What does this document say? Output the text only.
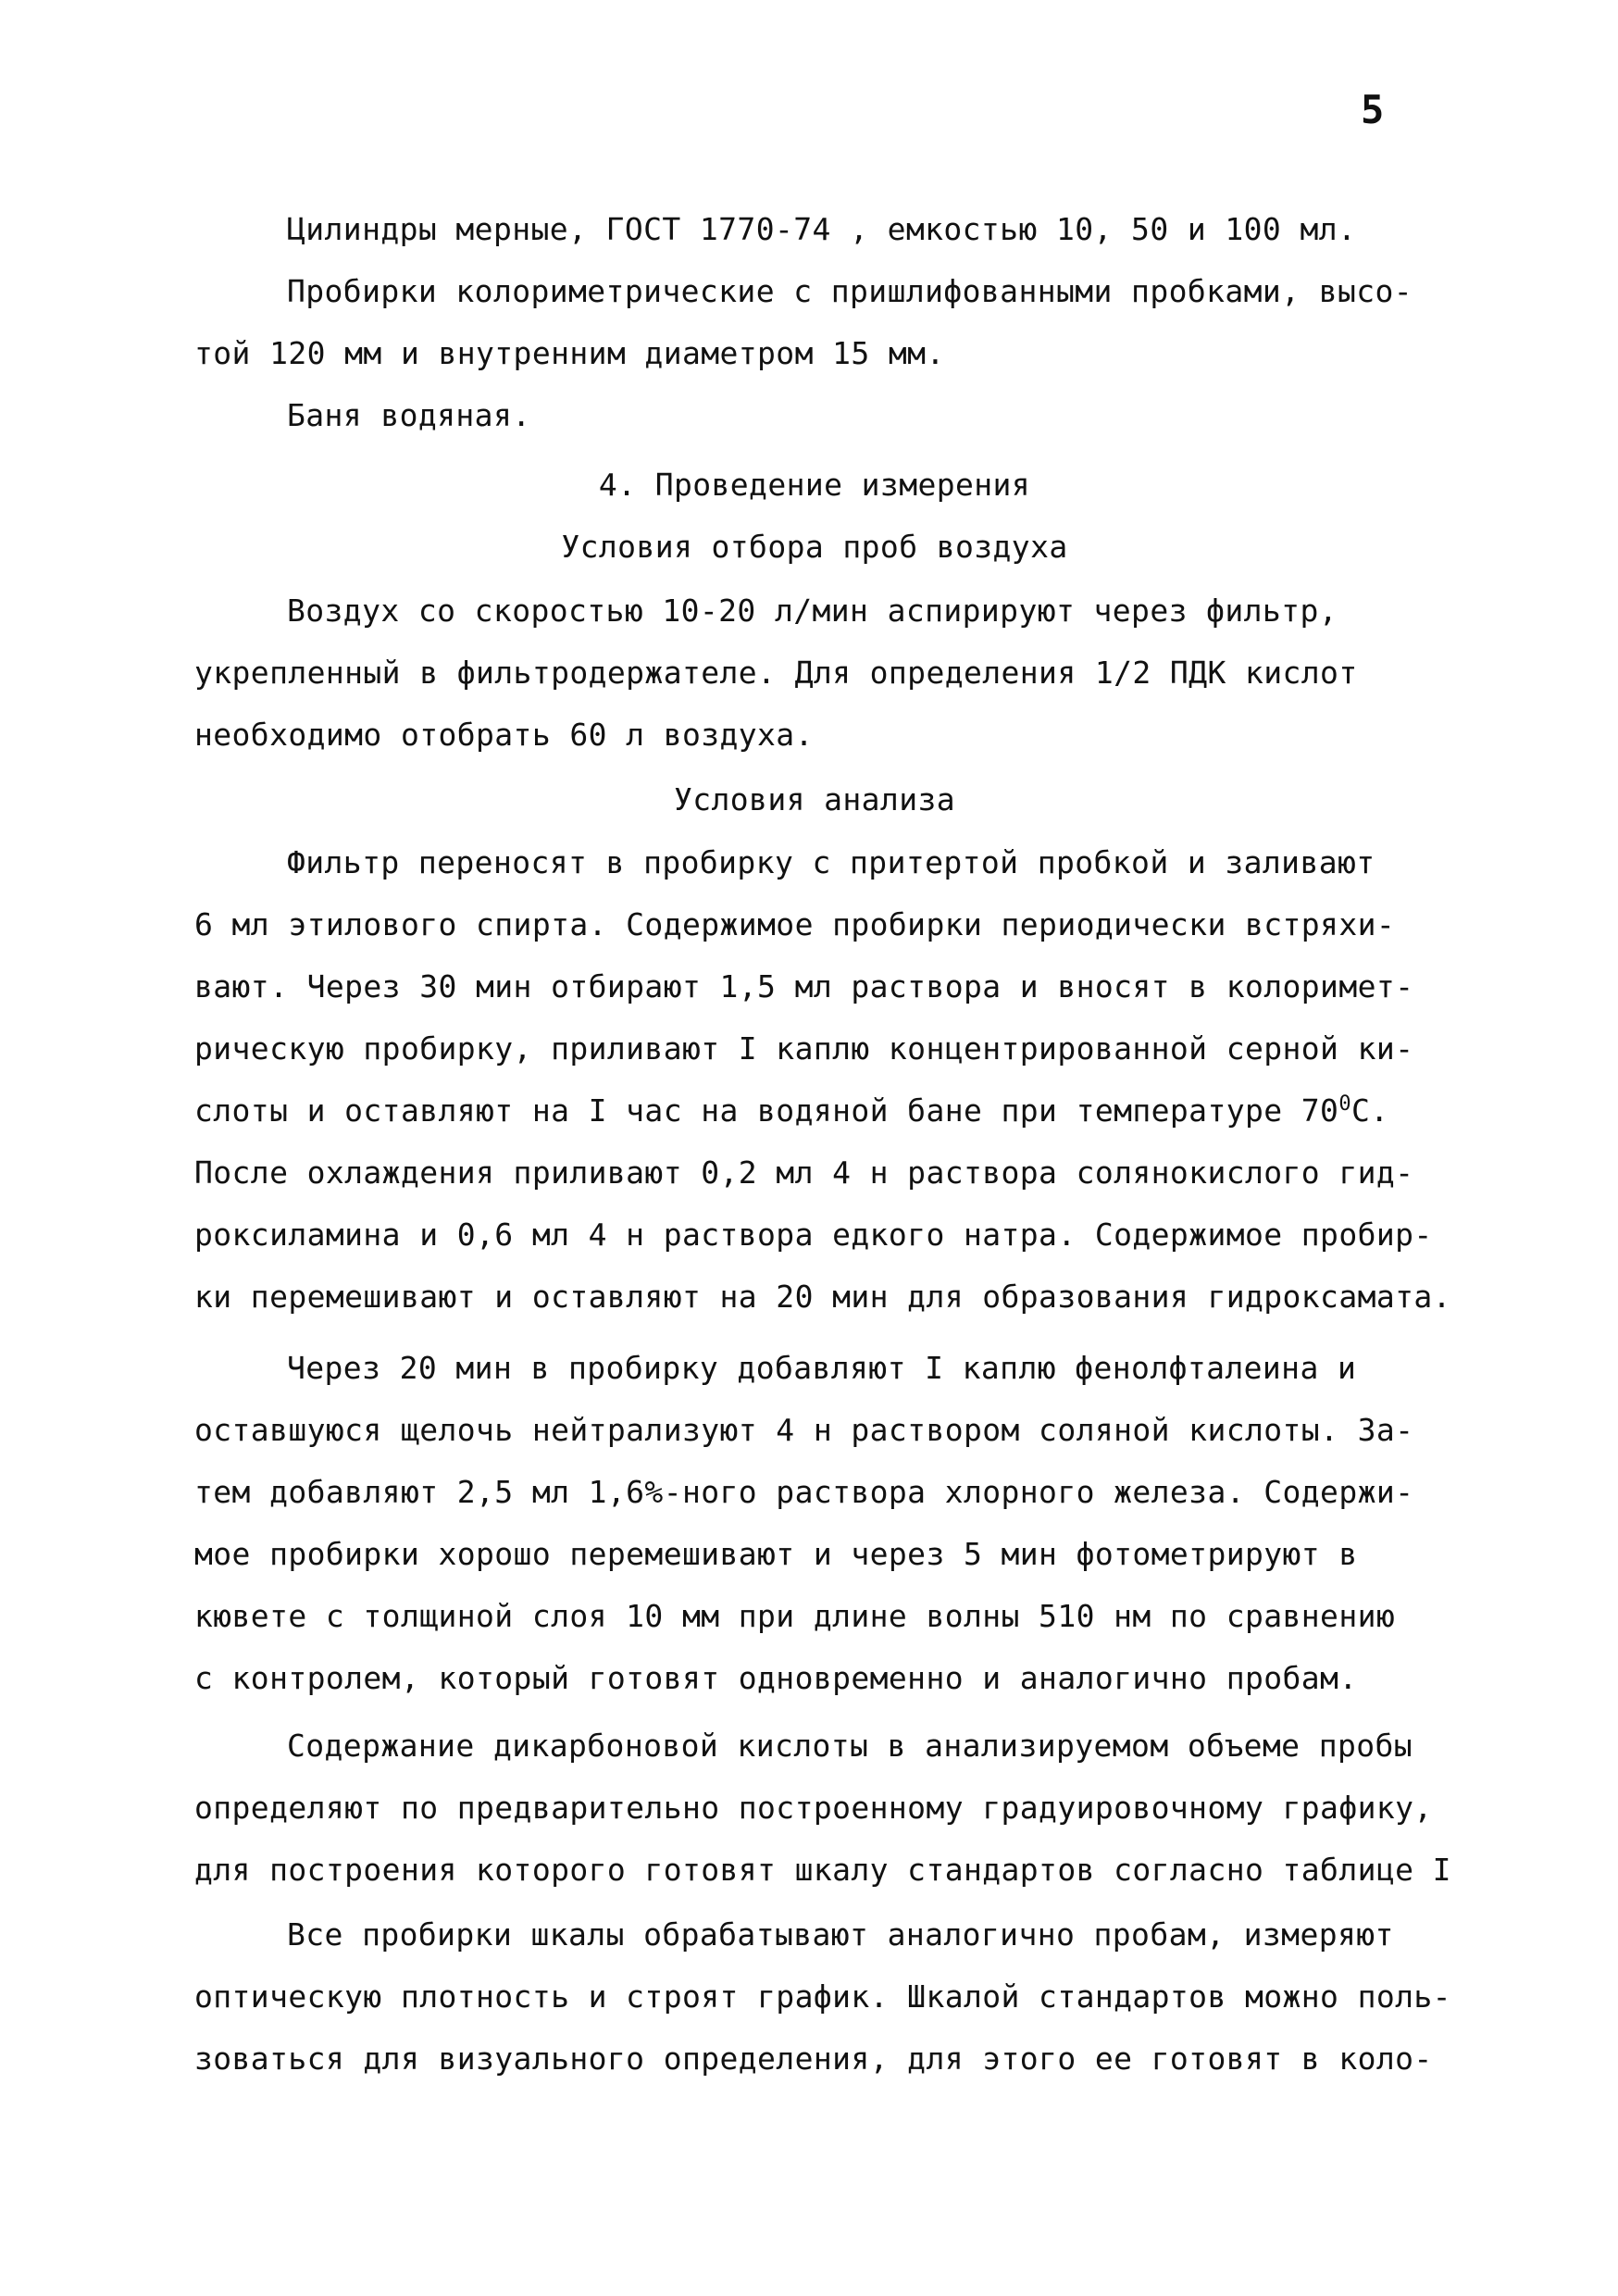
5
Цилиндры мерные, ГОСТ 1770-74 , емкостью 10, 50 и 100 мл.
Пробирки колориметрические с пришлифованными пробками, высо-
той 120 мм и внутренним диаметром 15 мм.
Баня водяная.
4. Проведение измерения
Условия отбора проб воздуха
Воздух со скоростью 10-20 л/мин аспирируют через фильтр,
укрепленный в фильтродержателе. Для определения 1/2 ПДК кислот
необходимо отобрать 60 л воздуха.
Условия анализа
Фильтр переносят в пробирку с притертой пробкой и заливают
6 мл этилового спирта. Содержимое пробирки периодически встряхи-
вают. Через 30 мин отбирают 1,5 мл раствора и вносят в колоримет-
рическую пробирку, приливают I каплю концентрированной серной ки-
слоты и оставляют на I час на водяной бане при температуре $70^0C$.
После охлаждения приливают 0,2 мл 4 н раствора солянокислого гид-
роксиламина и 0,6 мл 4 н раствора едкого натра. Содержимое пробир-
ки перемешивают и оставляют на 20 мин для образования гидроксамата.
Через 20 мин в пробирку добавляют I каплю фенолфталеина и
оставшуюся щелочь нейтрализуют 4 н раствором соляной кислоты. За-
тем добавляют 2,5 мл 1,6%-ного раствора хлорного железа. Содержи-
мое пробирки хорошо перемешивают и через 5 мин фотометрируют в
кювете с толщиной слоя 10 мм при длине волны 510 нм по сравнению
с контролем, который готовят одновременно и аналогично пробам.
Содержание дикарбоновой кислоты в анализируемом объеме пробы
определяют по предварительно построенному градуировочному графику,
для построения которого готовят шкалу стандартов согласно таблице I
Все пробирки шкалы обрабатывают аналогично пробам, измеряют
оптическую плотность и строят график. Шкалой стандартов можно поль-
зоваться для визуального определения, для этого ее готовят в коло-
